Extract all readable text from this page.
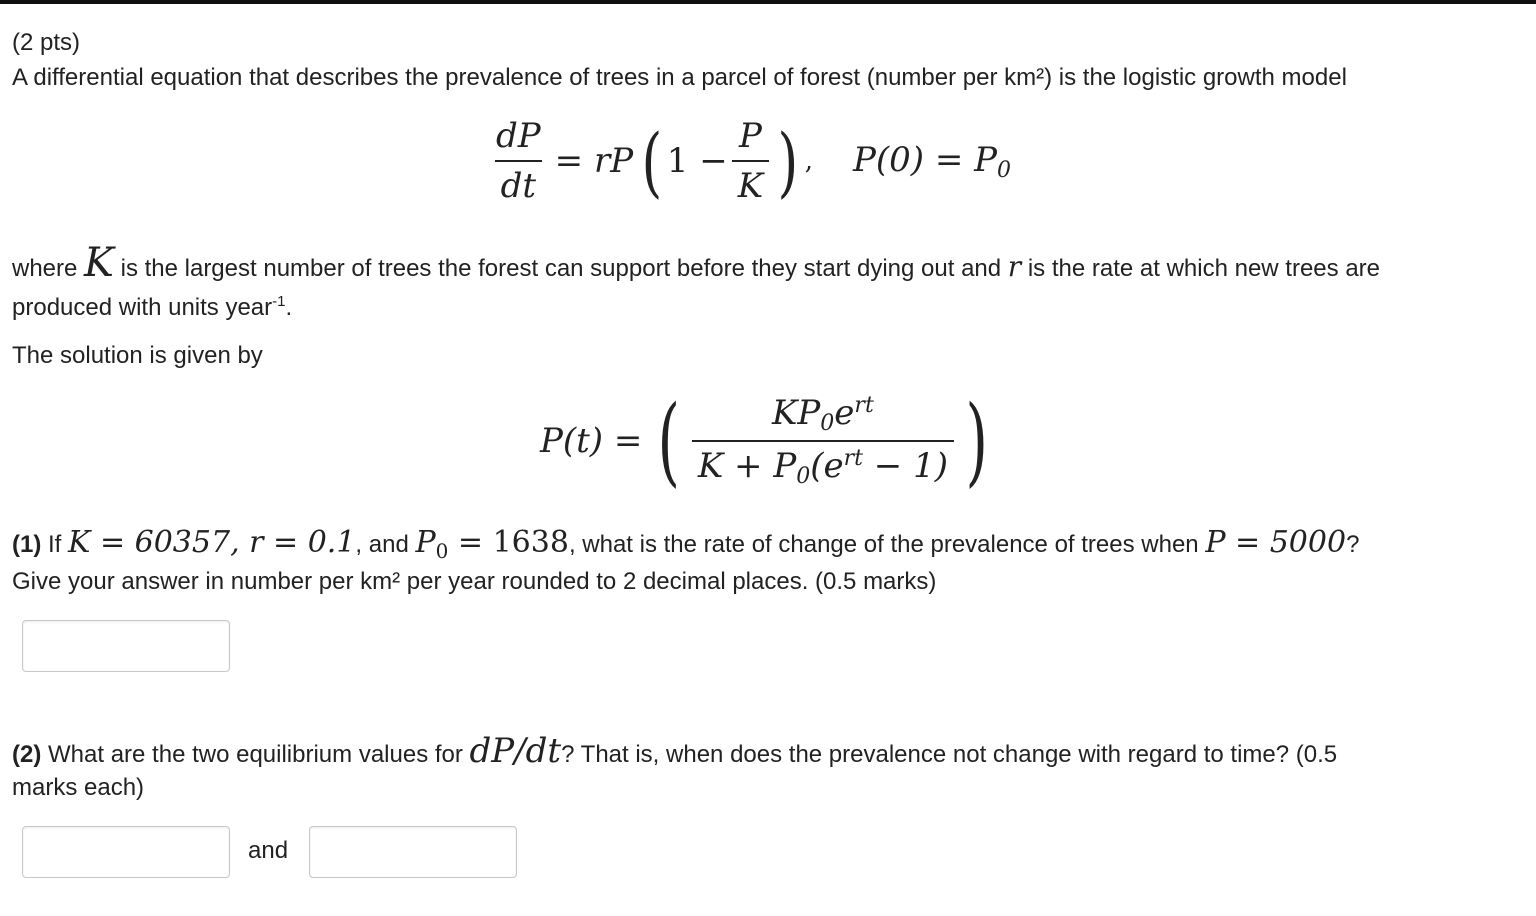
(2 pts)
A differential equation that describes the prevalence of trees in a parcel of forest (number per km²) is the logistic growth model
$\frac{dP}{dt}$ = rP ( $1 - \frac{P}{K}$ ) , $P(0) = P_0$
where K is the largest number of trees the forest can support before they start dying out and r is the rate at which new trees are
produced with units year$^{-1}$.
The solution is given by
P(t) = ( $\frac{KP_0e^{rt}}{K + P_0(e^{rt} - 1)}$ )
(1) If K = 60357, r = 0.1, and $P_0 = 1638$, what is the rate of change of the prevalence of trees when P = 5000?
Give your answer in number per km² per year rounded to 2 decimal places. (0.5 marks)
(2) What are the two equilibrium values for dP/dt? That is, when does the prevalence not change with regard to time? (0.5
marks each)
and
